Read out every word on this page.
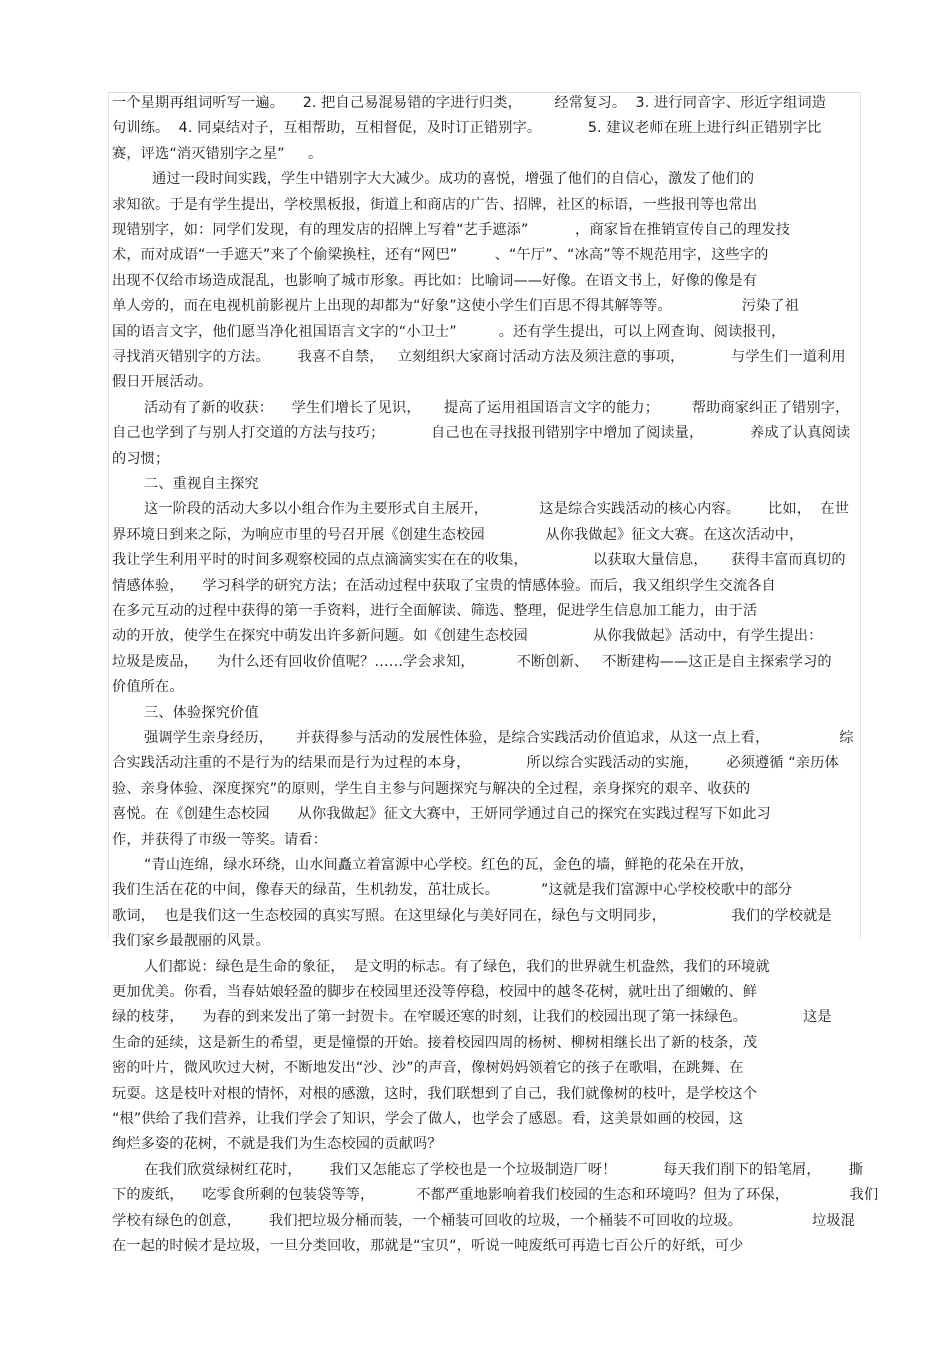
一个星期再组词听写一遍。    2. 把自己易混易错的字进行归类，       经常复习。  3. 进行同音字、形近字组词造
句训练。  4. 同桌结对子，互相帮助，互相督促，及时订正错别字。          5. 建议老师在班上进行纠正错别字比
赛，评选“消灭错别字之星”     。
通过一段时间实践，学生中错别字大大减少。成功的喜悦，增强了他们的自信心，激发了他们的
求知欲。于是有学生提出，学校黑板报，街道上和商店的广告、招牌，社区的标语，一些报刊等也常出
现错别字，如：同学们发现，有的理发店的招牌上写着“艺手遮添”          ，商家旨在推销宣传自己的理发技
术，而对成语“一手遮天”来了个偷梁换柱，还有“网巴”        、“午厅”、“冰高”等不规范用字，这些字的
出现不仅给市场造成混乱，也影响了城市形象。再比如：比喻词——好像。在语文书上，好像的像是有
单人旁的，而在电视机前影视片上出现的却都为“好象”这使小学生们百思不得其解等等。               污染了祖
国的语言文字，他们愿当净化祖国语言文字的“小卫士”         。还有学生提出，可以上网查询、阅读报刊，
寻找消灭错别字的方法。      我喜不自禁，   立刻组织大家商讨活动方法及须注意的事项，          与学生们一道利用
假日开展活动。
活动有了新的收获：    学生们增长了见识，     提高了运用祖国语言文字的能力；       帮助商家纠正了错别字，
自己也学到了与别人打交道的方法与技巧；          自己也在寻找报刊错别字中增加了阅读量，          养成了认真阅读
的习惯；
二、重视自主探究
这一阶段的活动大多以小组合作为主要形式自主展开，           这是综合实践活动的核心内容。      比如，  在世
界环境日到来之际，为响应市里的号召开展《创建生态校园             从你我做起》征文大赛。在这次活动中，
我让学生利用平时的时间多观察校园的点点滴滴实实在在的收集，              以获取大量信息，     获得丰富而真切的
情感体验，    学习科学的研究方法；在活动过程中获取了宝贵的情感体验。而后，我又组织学生交流各自
在多元互动的过程中获得的第一手资料，进行全面解读、筛选、整理，促进学生信息加工能力，由于活
动的开放，使学生在探究中萌发出许多新问题。如《创建生态校园              从你我做起》活动中，有学生提出：
垃圾是废品，    为什么还有回收价值呢？……学会求知，         不断创新、   不断建构——这正是自主探索学习的
价值所在。
三、体验探究价值
强调学生亲身经历，     并获得参与活动的发展性体验，是综合实践活动价值追求，从这一点上看，               综
合实践活动注重的不是行为的结果而是行为过程的本身，            所以综合实践活动的实施，      必须遵循 “亲历体
验、亲身体验、深度探究”的原则，学生自主参与问题探究与解决的全过程，亲身探究的艰辛、收获的
喜悦。在《创建生态校园      从你我做起》征文大赛中，王妍同学通过自己的探究在实践过程写下如此习
作，并获得了市级一等奖。请看：
“青山连绵，绿水环绕，山水间矗立着富源中心学校。红色的瓦，金色的墙，鲜艳的花朵在开放，
我们生活在花的中间，像春天的绿苗，生机勃发，茁壮成长。         ”这就是我们富源中心学校校歌中的部分
歌词，  也是我们这一生态校园的真实写照。在这里绿化与美好同在，绿色与文明同步，              我们的学校就是
我们家乡最靓丽的风景。
人们都说：绿色是生命的象征，  是文明的标志。有了绿色，我们的世界就生机盎然，我们的环境就
更加优美。你看，当春姑娘轻盈的脚步在校园里还没等停稳，校园中的越冬花树，就吐出了细嫩的、鲜
绿的枝芽，    为春的到来发出了第一封贺卡。在窄暖还寒的时刻，让我们的校园出现了第一抹绿色。            这是
生命的延续，这是新生的希望，更是憧憬的开始。接着校园四周的杨树、柳树相继长出了新的枝条，茂
密的叶片，微风吹过大树，不断地发出“沙、沙”的声音，像树妈妈领着它的孩子在歌唱，在跳舞、在
玩耍。这是枝叶对根的情怀，对根的感激，这时，我们联想到了自己，我们就像树的枝叶，是学校这个
“根”供给了我们营养，让我们学会了知识，学会了做人，也学会了感恩。看，这美景如画的校园，这
绚烂多姿的花树，不就是我们为生态校园的贡献吗？
在我们欣赏绿树红花时，      我们又怎能忘了学校也是一个垃圾制造厂呀！          每天我们削下的铅笔屑，      撕
下的废纸，    吃零食所剩的包装袋等等，         不都严重地影响着我们校园的生态和环境吗？但为了环保，             我们
学校有绿色的创意，      我们把垃圾分桶而装，一个桶装可回收的垃圾，一个桶装不可回收的垃圾。               垃圾混
在一起的时候才是垃圾，一旦分类回收，那就是“宝贝“，听说一吨废纸可再造七百公斤的好纸，可少
